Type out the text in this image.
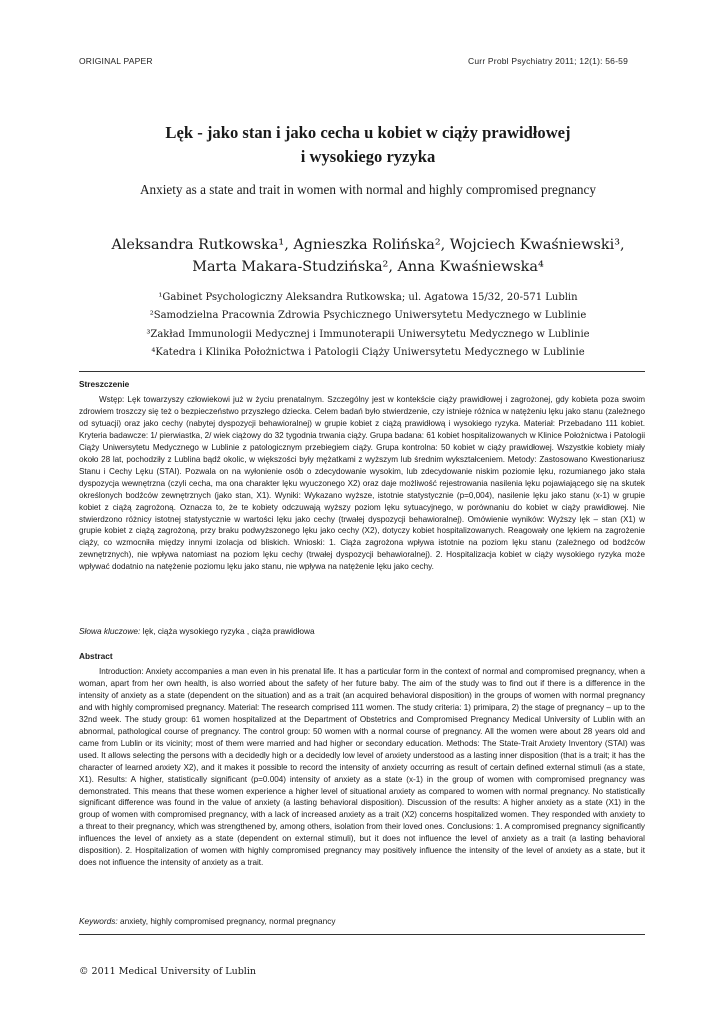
ORIGINAL PAPER	Curr Probl Psychiatry 2011; 12(1): 56-59
Lęk - jako stan i jako cecha u kobiet w ciąży prawidłowej
i wysokiego ryzyka
Anxiety as a state and trait in women with normal and highly compromised pregnancy
Aleksandra Rutkowska¹, Agnieszka Rolińska², Wojciech Kwaśniewski³,
Marta Makara-Studzińska², Anna Kwaśniewska⁴
¹Gabinet Psychologiczny Aleksandra Rutkowska; ul. Agatowa 15/32, 20-571 Lublin
²Samodzielna Pracownia Zdrowia Psychicznego Uniwersytetu Medycznego w Lublinie
³Zakład Immunologii Medycznej i Immunoterapii Uniwersytetu Medycznego w Lublinie
⁴Katedra i Klinika Położnictwa i Patologii Ciąży Uniwersytetu Medycznego w Lublinie
Streszczenie

Wstęp: Lęk towarzyszy człowiekowi już w życiu prenatalnym. Szczególny jest w kontekście ciąży prawidłowej i zagrożonej, gdy kobieta poza swoim zdrowiem troszczy się też o bezpieczeństwo przyszłego dziecka. Celem badań było stwierdzenie, czy istnieje różnica w natężeniu lęku jako stanu (zależnego od sytuacji) oraz jako cechy (nabytej dyspozycji behawioralnej) w grupie kobiet z ciążą prawidłową i wysokiego ryzyka. Materiał: Przebadano 111 kobiet. Kryteria badawcze: 1/ pierwiastka, 2/ wiek ciążowy do 32 tygodnia trwania ciąży. Grupa badana: 61 kobiet hospitalizowanych w Klinice Położnictwa i Patologii Ciąży Uniwersytetu Medycznego w Lublinie z patologicznym przebiegiem ciąży. Grupa kontrolna: 50 kobiet w ciąży prawidłowej. Wszystkie kobiety miały około 28 lat, pochodziły z Lublina bądź okolic, w większości były mężatkami z wyższym lub średnim wykształceniem. Metody: Zastosowano Kwestionariusz Stanu i Cechy Lęku (STAI). Pozwala on na wyłonienie osób o zdecydowanie wysokim, lub zdecydowanie niskim poziomie lęku, rozumianego jako stała dyspozycja wewnętrzna (czyli cecha, ma ona charakter lęku wyuczonego X2) oraz daje możliwość rejestrowania nasilenia lęku pojawiającego się na skutek określonych bodźców zewnętrznych (jako stan, X1). Wyniki: Wykazano wyższe, istotnie statystycznie (p=0,004), nasilenie lęku jako stanu (x-1) w grupie kobiet z ciążą zagrożoną. Oznacza to, że te kobiety odczuwają wyższy poziom lęku sytuacyjnego, w porównaniu do kobiet w ciąży prawidłowej. Nie stwierdzono różnicy istotnej statystycznie w wartości lęku jako cechy (trwałej dyspozycji behawioralnej). Omówienie wyników: Wyższy lęk – stan (X1) w grupie kobiet z ciążą zagrożoną, przy braku podwyższonego lęku jako cechy (X2), dotyczy kobiet hospitalizowanych. Reagowały one lękiem na zagrożenie ciąży, co wzmocniła między innymi izolacja od bliskich. Wnioski: 1. Ciąża zagrożona wpływa istotnie na poziom lęku stanu (zależnego od bodźców zewnętrznych), nie wpływa natomiast na poziom lęku cechy (trwałej dyspozycji behawioralnej). 2. Hospitalizacja kobiet w ciąży wysokiego ryzyka może wpływać dodatnio na natężenie poziomu lęku jako stanu, nie wpływa na natężenie lęku jako cechy.

Słowa kluczowe: lęk, ciąża wysokiego ryzyka , ciąża prawidłowa
Abstract

Introduction: Anxiety accompanies a man even in his prenatal life. It has a particular form in the context of normal and compromised pregnancy, when a woman, apart from her own health, is also worried about the safety of her future baby. The aim of the study was to find out if there is a difference in the intensity of anxiety as a state (dependent on the situation) and as a trait (an acquired behavioral disposition) in the groups of women with normal pregnancy and with highly compromised pregnancy. Material: The research comprised 111 women. The study criteria: 1) primipara, 2) the stage of pregnancy – up to the 32nd week. The study group: 61 women hospitalized at the Department of Obstetrics and Compromised Pregnancy Medical University of Lublin with an abnormal, pathological course of pregnancy. The control group: 50 women with a normal course of pregnancy. All the women were about 28 years old and came from Lublin or its vicinity; most of them were married and had higher or secondary education. Methods: The State-Trait Anxiety Inventory (STAI) was used. It allows selecting the persons with a decidedly high or a decidedly low level of anxiety understood as a lasting inner disposition (that is a trait; it has the character of learned anxiety X2), and it makes it possible to record the intensity of anxiety occurring as result of certain defined external stimuli (as a state, X1). Results: A higher, statistically significant (p=0.004) intensity of anxiety as a state (x-1) in the group of women with compromised pregnancy was demonstrated. This means that these women experience a higher level of situational anxiety as compared to women with normal pregnancy. No statistically significant difference was found in the value of anxiety (a lasting behavioral disposition). Discussion of the results: A higher anxiety as a state (X1) in the group of women with compromised pregnancy, with a lack of increased anxiety as a trait (X2) concerns hospitalized women. They responded with anxiety to a threat to their pregnancy, which was strengthened by, among others, isolation from their loved ones. Conclusions: 1. A compromised pregnancy significantly influences the level of anxiety as a state (dependent on external stimuli), but it does not influence the level of anxiety as a trait (a lasting behavioral disposition). 2. Hospitalization of women with highly compromised pregnancy may positively influence the intensity of the level of anxiety as a state, but it does not influence the intensity of anxiety as a trait.

Keywords: anxiety, highly compromised pregnancy, normal pregnancy
© 2011 Medical University of Lublin
